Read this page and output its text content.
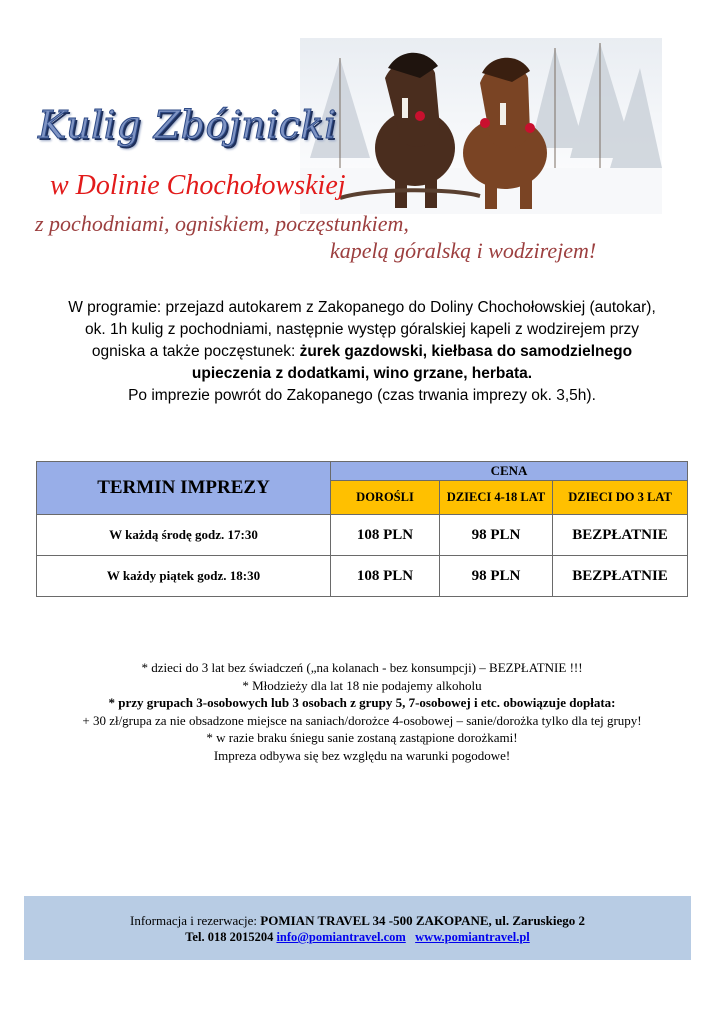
Kulig Zbójnicki
w Dolinie Chochołowskiej
z pochodniami, ogniskiem, poczęstunkiem,
kapelą góralską i wodzirejem!

W programie: przejazd autokarem z Zakopanego do Doliny Chochołowskiej (autokar),

ok. 1h kulig z pochodniami, następnie występ góralskiej kapeli z wodzirejem przy

ogniska a także poczęstunek: żurek gazdowski, kiełbasa do samodzielnego

upieczenia z dodatkami, wino grzane, herbata.

Po imprezie powrót do Zakopanego (czas trwania imprezy ok. 3,5h).

TERMIN IMPREZY	CENA		
	DOROŚLI	DZIECI 4-18 LAT	DZIECI DO 3 LAT
W każdą środę godz. 17:30	108 PLN	98 PLN	BEZPŁATNIE
W każdy piątek godz. 18:30	108 PLN	98 PLN	BEZPŁATNIE

* dzieci do 3 lat bez świadczeń („na kolanach - bez konsumpcji) – BEZPŁATNIE !!!

* Młodzieży dla lat 18 nie podajemy alkoholu

* przy grupach 3-osobowych lub 3 osobach z grupy 5, 7-osobowej i etc. obowiązuje dopłata:

+ 30 zł/grupa za nie obsadzone miejsce na saniach/dorożce 4-osobowej – sanie/dorożka tylko dla tej grupy!

* w razie braku śniegu sanie zostaną zastąpione dorożkami!

Impreza odbywa się bez względu na warunki pogodowe!

Informacja i rezerwacje: POMIAN TRAVEL 34 -500 ZAKOPANE, ul. Zaruskiego 2
Tel. 018 2015204 info@pomiantravel.com www.pomiantravel.pl
